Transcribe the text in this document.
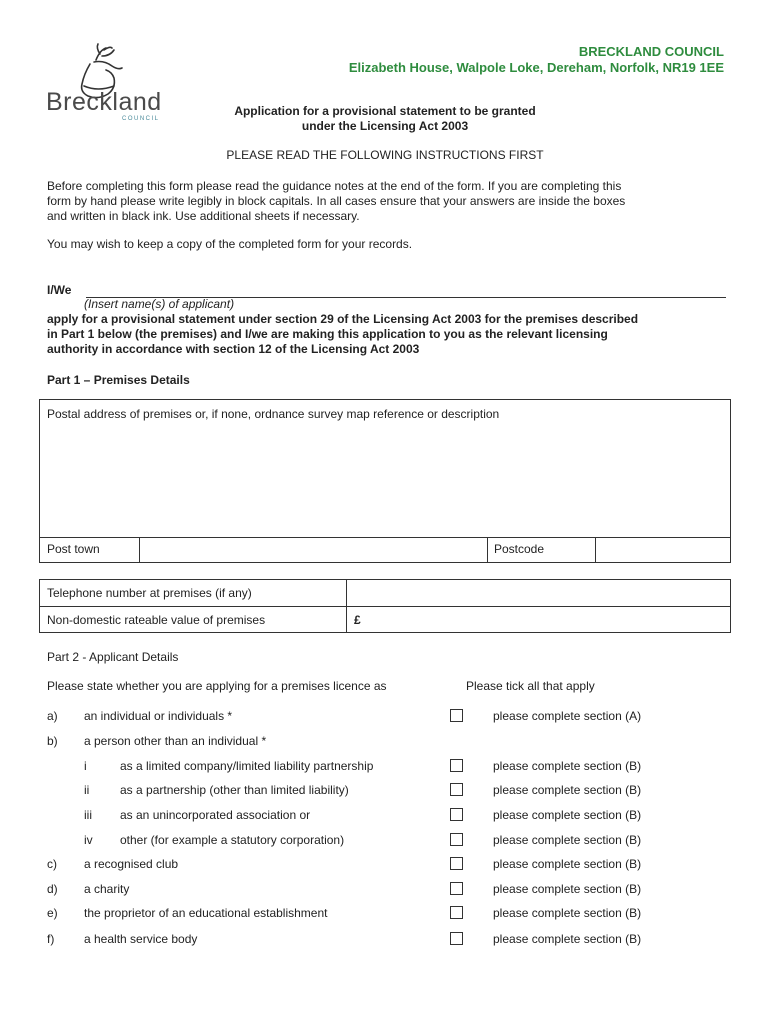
Breckland
COUNCIL
BRECKLAND COUNCIL
Elizabeth House, Walpole Loke, Dereham, Norfolk, NR19 1EE
Application for a provisional statement to be granted
under the Licensing Act 2003
PLEASE READ THE FOLLOWING INSTRUCTIONS FIRST
Before completing this form please read the guidance notes at the end of the form. If you are completing this
form by hand please write legibly in block capitals. In all cases ensure that your answers are inside the boxes
and written in black ink. Use additional sheets if necessary.
You may wish to keep a copy of the completed form for your records.
I/We
(Insert name(s) of applicant)
apply for a provisional statement under section 29 of the Licensing Act 2003 for the premises described
in Part 1 below (the premises) and I/we are making this application to you as the relevant licensing
authority in accordance with section 12 of the Licensing Act 2003
Part 1 – Premises Details
Postal address of premises or, if none, ordnance survey map reference or description
Post town	Postcode
Telephone number at premises (if any)
Non-domestic rateable value of premises	£
Part 2 - Applicant Details
Please state whether you are applying for a premises licence as	Please tick all that apply
a) an individual or individuals *	please complete section (A)
b) a person other than an individual *
i	as a limited company/limited liability partnership	please complete section (B)
ii	as a partnership (other than limited liability)	please complete section (B)
iii as an unincorporated association or	please complete section (B)
iv other (for example a statutory corporation)	please complete section (B)
c) a recognised club	please complete section (B)
d) a charity	please complete section (B)
e) the proprietor of an educational establishment	please complete section (B)
f) a health service body	please complete section (B)
